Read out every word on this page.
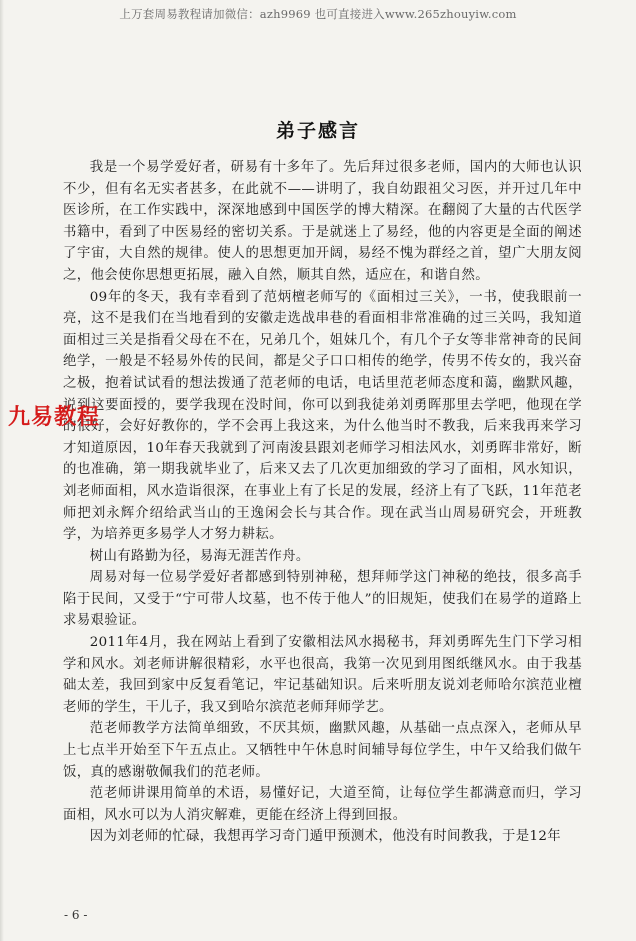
上万套周易教程请加微信：azh9969 也可直接进入www.265zhouyiw.com
弟子感言

我是一个易学爱好者，研易有十多年了。先后拜过很多老师，国内的大师也认识不少，但有名无实者甚多，在此就不——讲明了，我自幼跟祖父习医，并开过几年中医诊所，在工作实践中，深深地感到中国医学的博大精深。在翻阅了大量的古代医学书籍中，看到了中医易经的密切关系。于是就迷上了易经，他的内容更是全面的阐述了宇宙，大自然的规律。使人的思想更加开阔，易经不愧为群经之首，望广大朋友阅之，他会使你思想更拓展，融入自然，顺其自然，适应在，和谐自然。

09年的冬天，我有幸看到了范炳檀老师写的《面相过三关》，一书，使我眼前一亮，这不是我们在当地看到的安徽走选战串巷的看面相非常准确的过三关吗，我知道面相过三关是指看父母在不在，兄弟几个，姐妹几个，有几个子女等非常神奇的民间绝学，一般是不轻易外传的民间，都是父子口口相传的绝学，传男不传女的，我兴奋之极，抱着试试看的想法拨通了范老师的电话，电话里范老师态度和蔼，幽默风趣，说到这要面授的，要学我现在没时间，你可以到我徒弟刘勇晖那里去学吧，他现在学的很好，会好好教你的，学不会再上我这来，为什么他当时不教我，后来我再来学习才知道原因，10年春天我就到了河南浚县跟刘老师学习相法风水，刘勇晖非常好，断的也准确，第一期我就毕业了，后来又去了几次更加细致的学习了面相，风水知识，刘老师面相，风水造诣很深，在事业上有了长足的发展，经济上有了飞跃，11年范老师把刘永辉介绍给武当山的王逸闲会长与其合作。现在武当山周易研究会，开班教学，为培养更多易学人才努力耕耘。

树山有路勤为径，易海无涯苦作舟。

周易对每一位易学爱好者都感到特别神秘，想拜师学这门神秘的绝技，很多高手陷于民间，又受于“宁可带人坟墓，也不传于他人”的旧规矩，使我们在易学的道路上求易艰验证。

2011年4月，我在网站上看到了安徽相法风水揭秘书，拜刘勇晖先生门下学习相学和风水。刘老师讲解很精彩，水平也很高，我第一次见到用图纸继风水。由于我基础太差，我回到家中反复看笔记，牢记基础知识。后来听朋友说刘老师哈尔滨范业檀老师的学生，干儿子，我又到哈尔滨范老师拜师学艺。

范老师教学方法简单细致，不厌其烦，幽默风趣，从基础一点点深入，老师从早上七点半开始至下午五点止。又牺牲中午休息时间辅导每位学生，中午又给我们做午饭，真的感谢敬佩我们的范老师。

范老师讲课用简单的术语，易懂好记，大道至简，让每位学生都满意而归，学习面相，风水可以为人消灾解难，更能在经济上得到回报。

因为刘老师的忙碌，我想再学习奇门遁甲预测术，他没有时间教我，于是12年

九易教程
- 6 -
